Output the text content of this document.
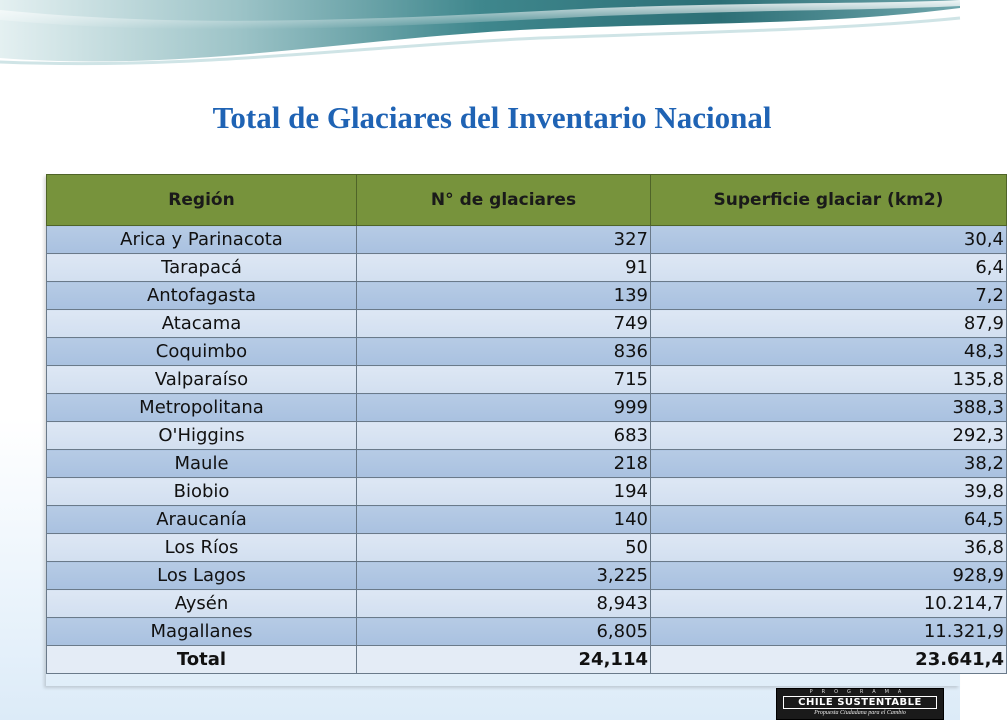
Total de Glaciares del Inventario Nacional
Región	N° de glaciares	Superficie glaciar (km2)
Arica y Parinacota	327	30,4
Tarapacá	91	6,4
Antofagasta	139	7,2
Atacama	749	87,9
Coquimbo	836	48,3
Valparaíso	715	135,8
Metropolitana	999	388,3
O'Higgins	683	292,3
Maule	218	38,2
Biobio	194	39,8
Araucanía	140	64,5
Los Ríos	50	36,8
Los Lagos	3,225	928,9
Aysén	8,943	10.214,7
Magallanes	6,805	11.321,9
Total	24,114	23.641,4
PROGRAMA
CHILE SUSTENTABLE
Propuesta Ciudadana para el Cambio
